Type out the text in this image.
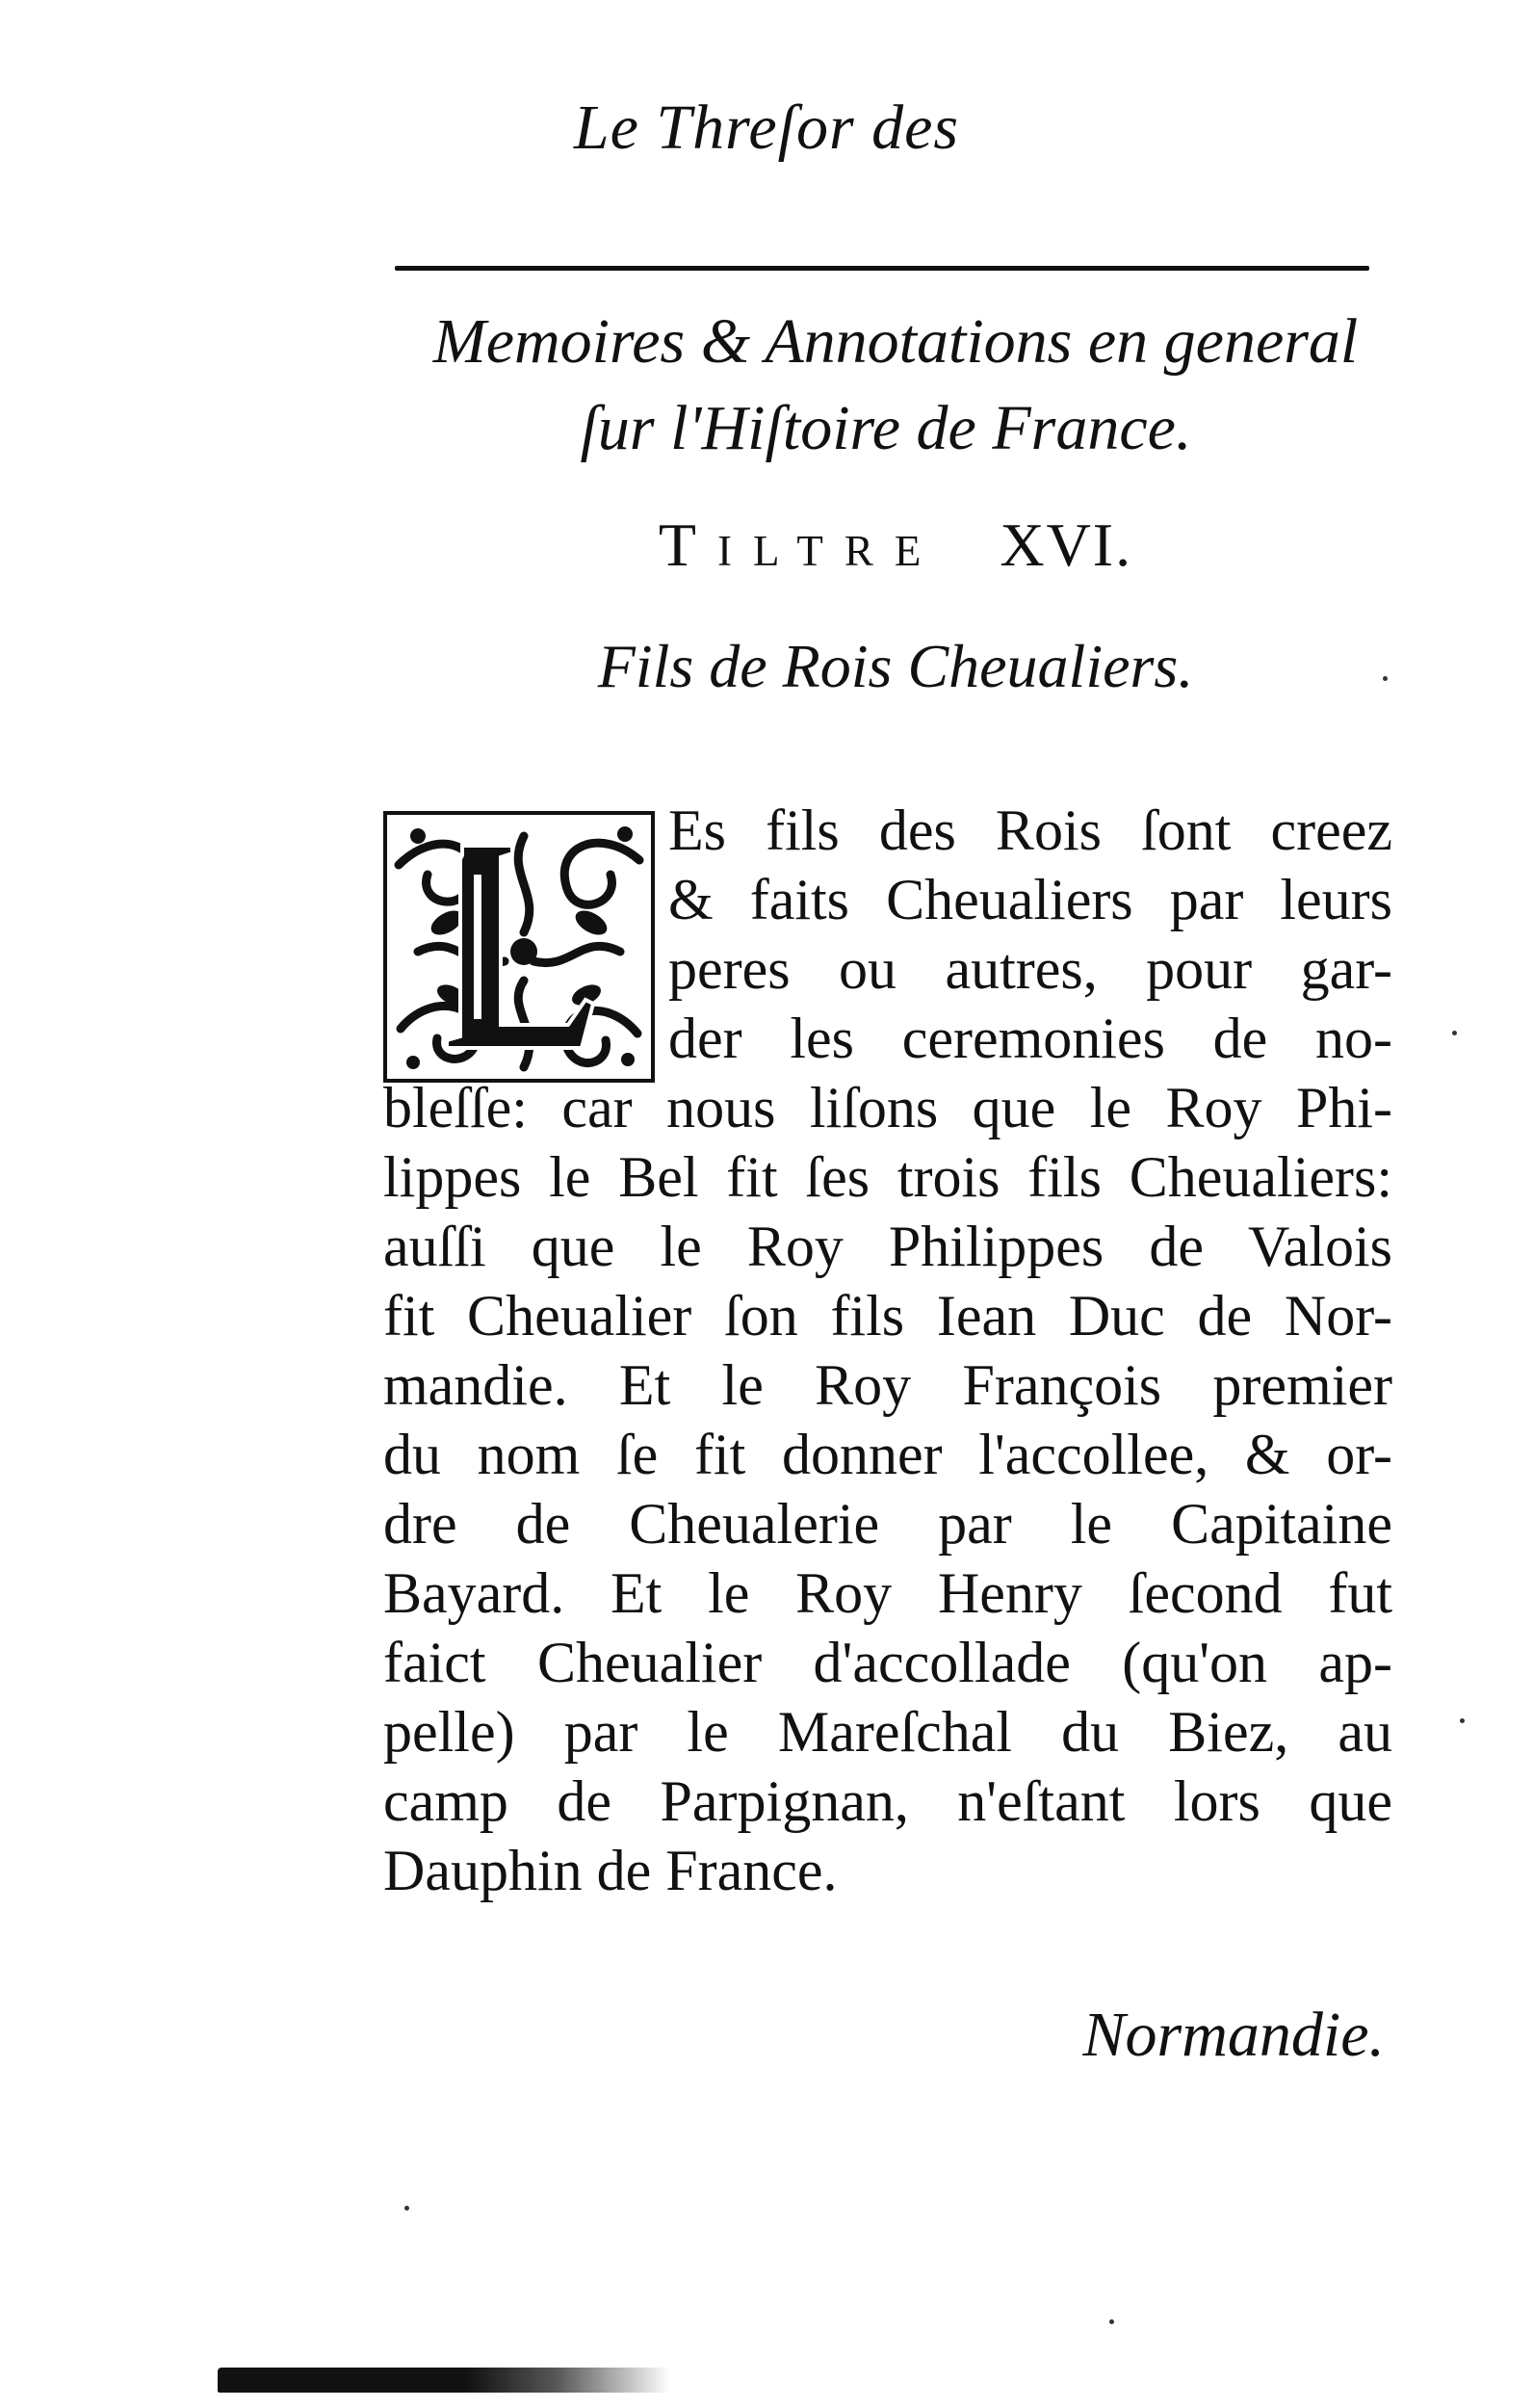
Le Threſor des
Memoires & Annotations en general
ſur l'Hiſtoire de France.
Tiltre XVI.
Fils de Rois Cheualiers.
Es fils des Rois ſont creez
& faits Cheualiers par leurs
peres ou autres, pour gar-
der les ceremonies de no-
bleſſe: car nous liſons que le Roy Phi-
lippes le Bel fit ſes trois fils Cheualiers:
auſſi que le Roy Philippes de Valois
fit Cheualier ſon fils Iean Duc de Nor-
mandie. Et le Roy François premier
du nom ſe fit donner l'accollee, & or-
dre de Cheualerie par le Capitaine
Bayard. Et le Roy Henry ſecond fut
faict Cheualier d'accollade (qu'on ap-
pelle) par le Mareſchal du Biez, au
camp de Parpignan, n'eſtant lors que
Dauphin de France.
Normandie.
